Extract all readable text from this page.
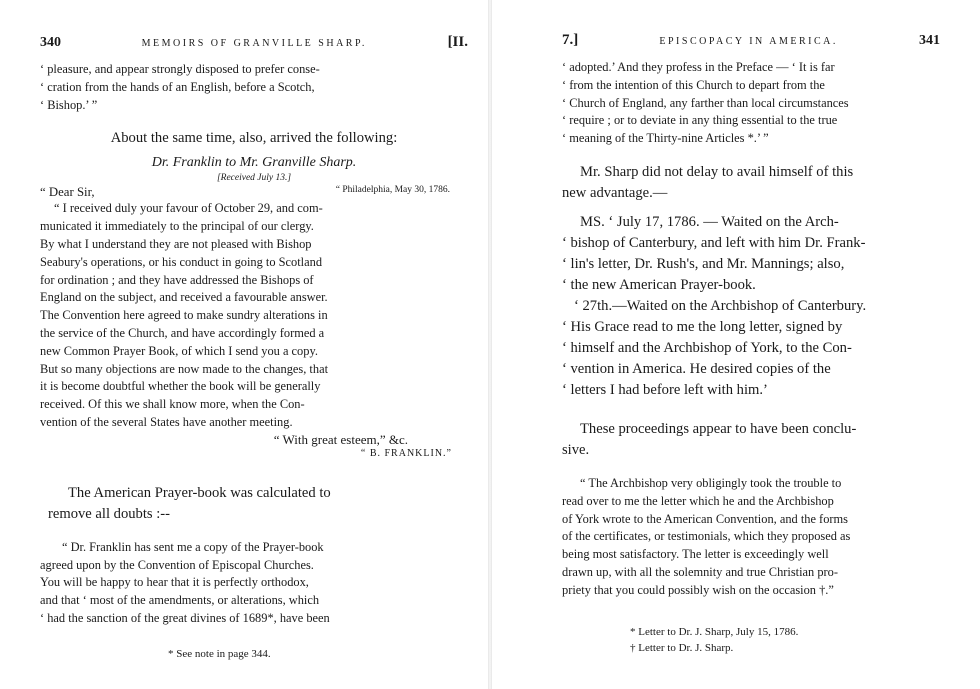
340	MEMOIRS OF GRANVILLE SHARP.	[II.
‘ pleasure, and appear strongly disposed to prefer conse-
‘ cration from the hands of an English, before a Scotch,
‘ Bishop.’ ”

About the same time, also, arrived the following:

Dr. Franklin to Mr. Granville Sharp.
[Received July 13.]
“ Dear Sir,	“ Philadelphia, May 30, 1786.
“ I received duly your favour of October 29, and com-
municated it immediately to the principal of our clergy.
By what I understand they are not pleased with Bishop
Seabury's operations, or his conduct in going to Scotland
for ordination ; and they have addressed the Bishops of
England on the subject, and received a favourable answer.
The Convention here agreed to make sundry alterations in
the service of the Church, and have accordingly formed a
new Common Prayer Book, of which I send you a copy.
But so many objections are now made to the changes, that
it is become doubtful whether the book will be generally
received. Of this we shall know more, when the Con-
vention of the several States have another meeting.
“ With great esteem,” &c.
“ B. FRANKLIN.”
The American Prayer-book was calculated to
remove all doubts :--
“ Dr. Franklin has sent me a copy of the Prayer-book
agreed upon by the Convention of Episcopal Churches.
You will be happy to hear that it is perfectly orthodox,
and that ‘ most of the amendments, or alterations, which
‘ had the sanction of the great divines of 1689*, have been
* See note in page 344.
7.]	EPISCOPACY IN AMERICA.	341
‘ adopted.’ And they profess in the Preface — ‘ It is far
‘ from the intention of this Church to depart from the
‘ Church of England, any farther than local circumstances
‘ require ; or to deviate in any thing essential to the true
‘ meaning of the Thirty-nine Articles *.’ ”
Mr. Sharp did not delay to avail himself of this
new advantage.—
MS. ‘ July 17, 1786. — Waited on the Arch-
‘ bishop of Canterbury, and left with him Dr. Frank-
‘ lin's letter, Dr. Rush's, and Mr. Mannings; also,
‘ the new American Prayer-book.
‘ 27th.—Waited on the Archbishop of Canterbury.
‘ His Grace read to me the long letter, signed by
‘ himself and the Archbishop of York, to the Con-
‘ vention in America. He desired copies of the
‘ letters I had before left with him.’
These proceedings appear to have been conclu-
sive.
“ The Archbishop very obligingly took the trouble to
read over to me the letter which he and the Archbishop
of York wrote to the American Convention, and the forms
of the certificates, or testimonials, which they proposed as
being most satisfactory. The letter is exceedingly well
drawn up, with all the solemnity and true Christian pro-
priety that you could possibly wish on the occasion †.”
* Letter to Dr. J. Sharp, July 15, 1786.
† Letter to Dr. J. Sharp.
